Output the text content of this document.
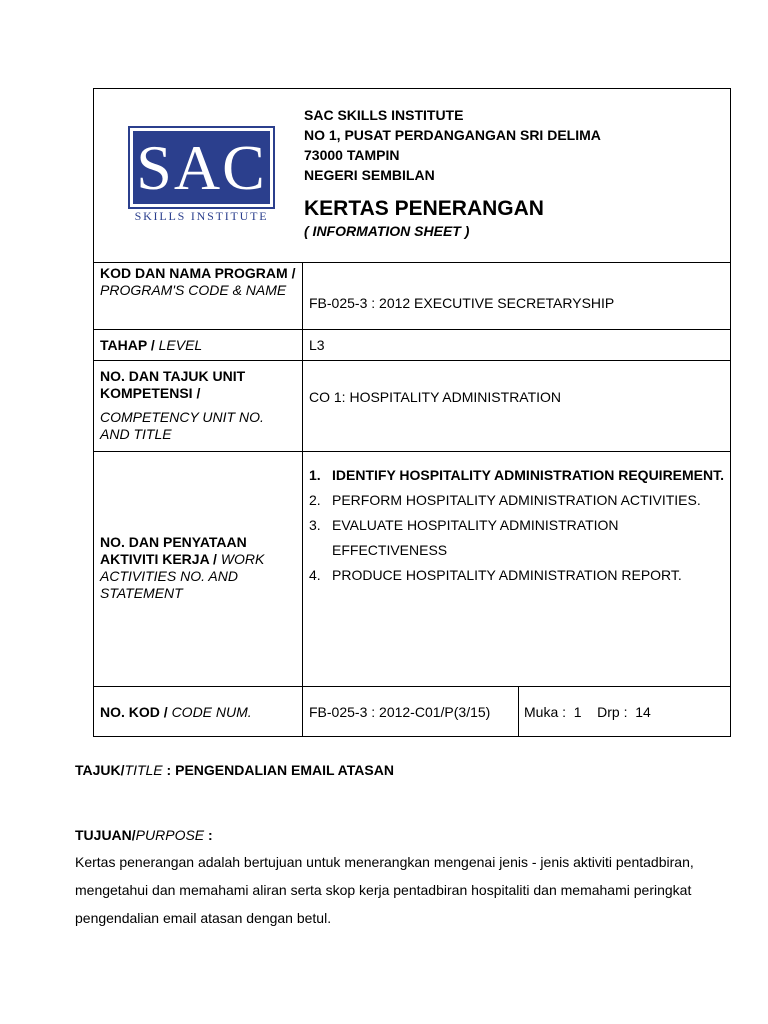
SAC
SKILLS INSTITUTE
SAC SKILLS INSTITUTE
NO 1, PUSAT PERDANGANGAN SRI DELIMA
73000 TAMPIN
NEGERI SEMBILAN
KERTAS PENERANGAN
( INFORMATION SHEET )
KOD DAN NAMA PROGRAM /
PROGRAM'S CODE & NAME
FB-025-3 : 2012 EXECUTIVE SECRETARYSHIP
TAHAP / LEVEL	L3
NO. DAN TAJUK UNIT KOMPETENSI /
COMPETENCY UNIT NO. AND TITLE
CO 1: HOSPITALITY ADMINISTRATION
NO. DAN PENYATAAN AKTIVITI KERJA / WORK ACTIVITIES NO. AND STATEMENT
1. IDENTIFY HOSPITALITY ADMINISTRATION REQUIREMENT.
2. PERFORM HOSPITALITY ADMINISTRATION ACTIVITIES.
3. EVALUATE HOSPITALITY ADMINISTRATION EFFECTIVENESS
4. PRODUCE HOSPITALITY ADMINISTRATION REPORT.
NO. KOD / CODE NUM.	FB-025-3 : 2012-C01/P(3/15) Muka :  1    Drp :  14
TAJUK/TITLE : PENGENDALIAN EMAIL ATASAN
TUJUAN/PURPOSE :
Kertas penerangan adalah bertujuan untuk menerangkan mengenai jenis - jenis aktiviti pentadbiran, mengetahui dan memahami aliran serta skop kerja pentadbiran hospitaliti dan memahami peringkat pengendalian email atasan dengan betul.
